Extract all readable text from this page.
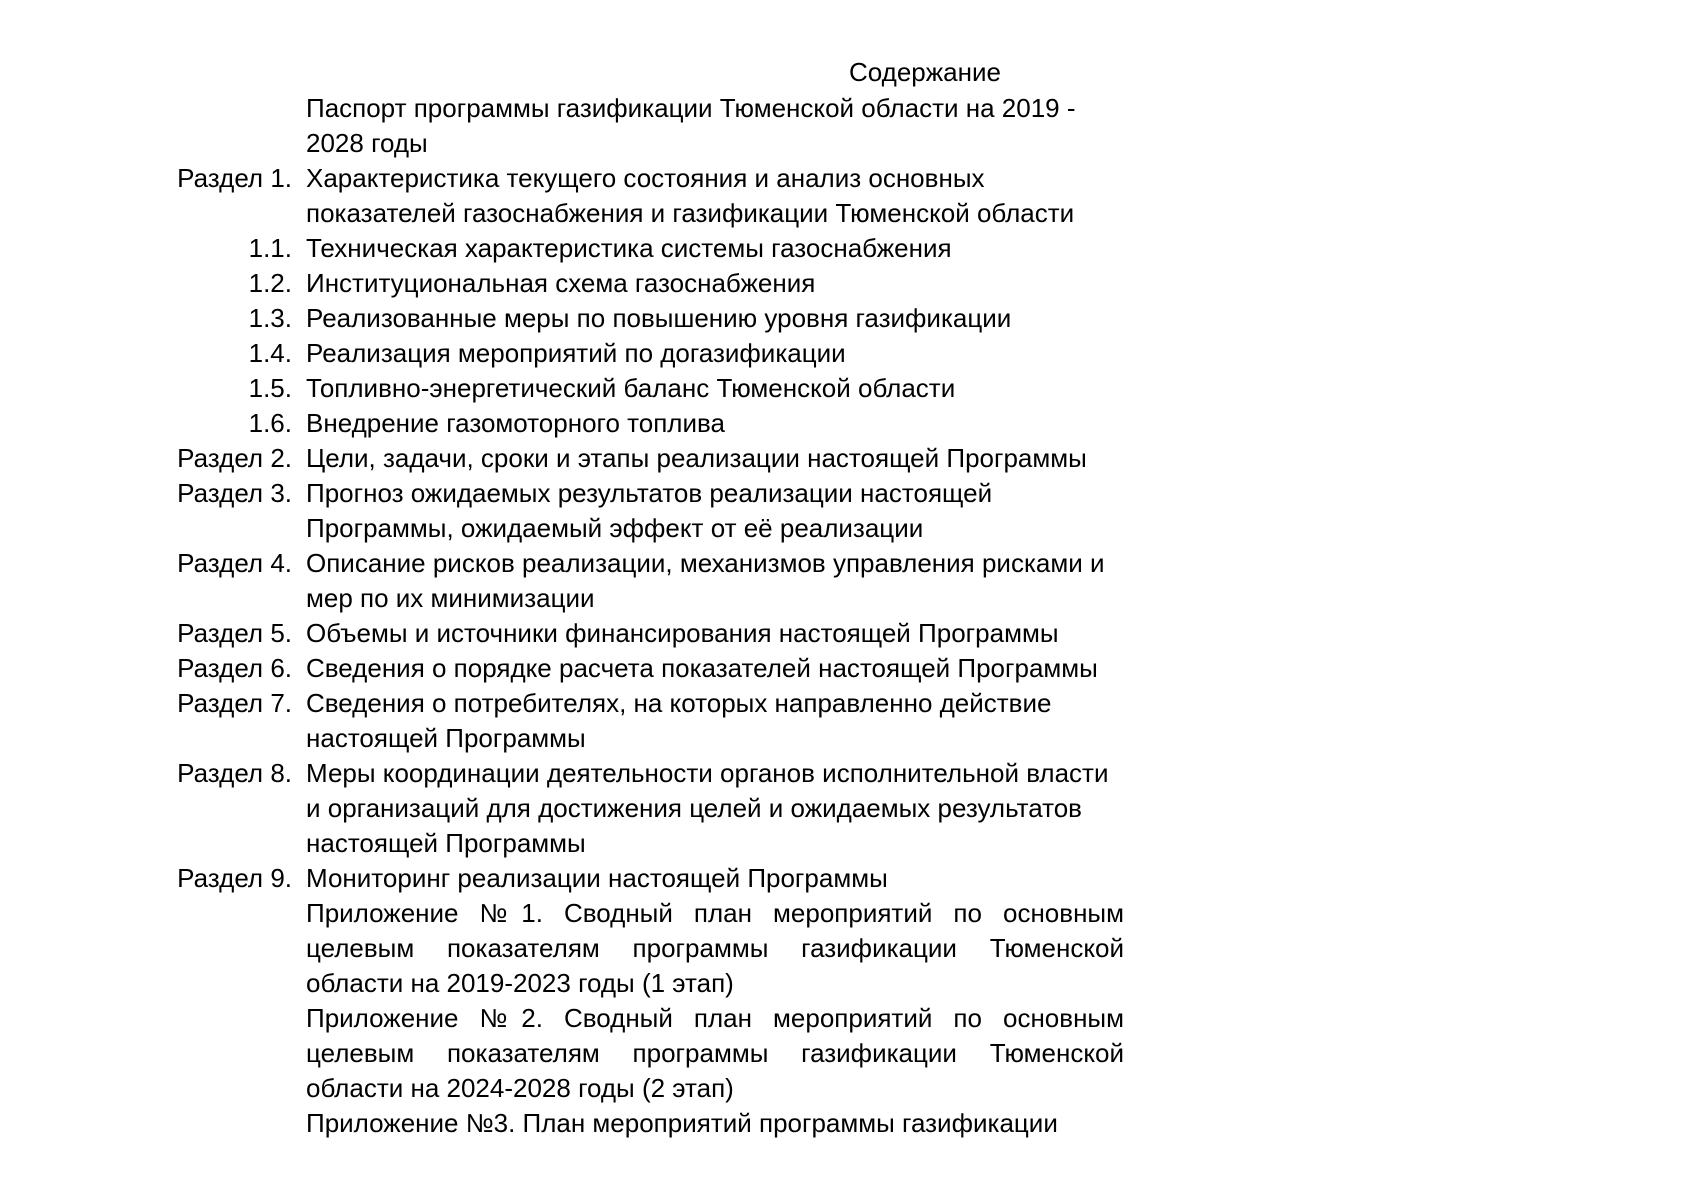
Содержание
Паспорт программы газификации Тюменской области на 2019 - 2028 годы
Раздел 1. Характеристика текущего состояния и анализ основных показателей газоснабжения и газификации Тюменской области
1.1. Техническая характеристика системы газоснабжения
1.2. Институциональная схема газоснабжения
1.3. Реализованные меры по повышению уровня газификации
1.4. Реализация мероприятий по догазификации
1.5. Топливно-энергетический баланс Тюменской области
1.6. Внедрение газомоторного топлива
Раздел 2. Цели, задачи, сроки и этапы реализации настоящей Программы
Раздел 3. Прогноз ожидаемых результатов реализации настоящей Программы, ожидаемый эффект от её реализации
Раздел 4. Описание рисков реализации, механизмов управления рисками и мер по их минимизации
Раздел 5. Объемы и источники финансирования настоящей Программы
Раздел 6. Сведения о порядке расчета показателей настоящей Программы
Раздел 7. Сведения о потребителях, на которых направленно действие настоящей Программы
Раздел 8. Меры координации деятельности органов исполнительной власти и организаций для достижения целей и ожидаемых результатов настоящей Программы
Раздел 9. Мониторинг реализации настоящей Программы
Приложение №1. Сводный план мероприятий по основным целевым показателям программы газификации Тюменской области на 2019-2023 годы (1 этап)
Приложение №2. Сводный план мероприятий по основным целевым показателям программы газификации Тюменской области на 2024-2028 годы (2 этап)
Приложение №3. План мероприятий программы газификации
